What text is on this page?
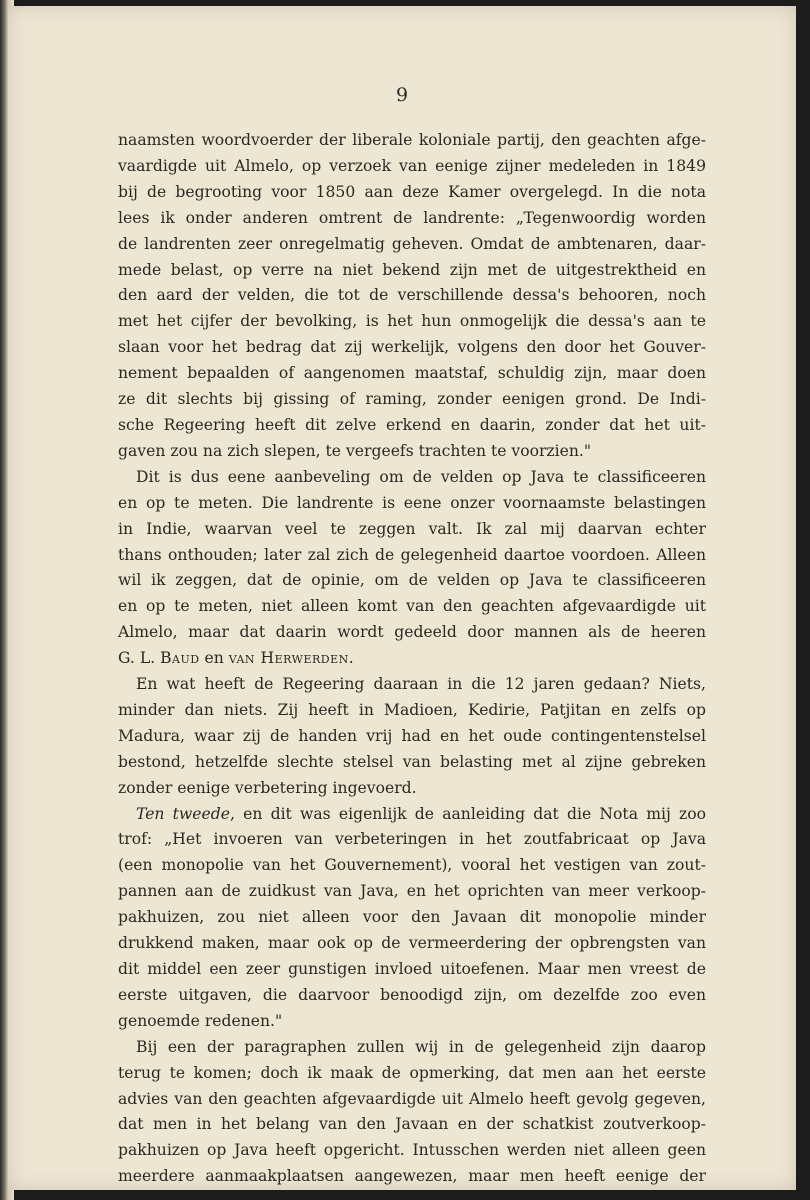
9
naamsten woordvoerder der liberale koloniale partij, den geachten afge-
vaardigde uit Almelo, op verzoek van eenige zijner medeleden in 1849
bij de begrooting voor 1850 aan deze Kamer overgelegd. In die nota
lees ik onder anderen omtrent de landrente: „Tegenwoordig worden
de landrenten zeer onregelmatig geheven. Omdat de ambtenaren, daar-
mede belast, op verre na niet bekend zijn met de uitgestrektheid en
den aard der velden, die tot de verschillende dessa's behooren, noch
met het cijfer der bevolking, is het hun onmogelijk die dessa's aan te
slaan voor het bedrag dat zij werkelijk, volgens den door het Gouver-
nement bepaalden of aangenomen maatstaf, schuldig zijn, maar doen
ze dit slechts bij gissing of raming, zonder eenigen grond. De Indi-
sche Regeering heeft dit zelve erkend en daarin, zonder dat het uit-
gaven zou na zich slepen, te vergeefs trachten te voorzien."
Dit is dus eene aanbeveling om de velden op Java te classificeeren
en op te meten. Die landrente is eene onzer voornaamste belastingen
in Indie, waarvan veel te zeggen valt. Ik zal mij daarvan echter
thans onthouden; later zal zich de gelegenheid daartoe voordoen. Alleen
wil ik zeggen, dat de opinie, om de velden op Java te classificeeren
en op te meten, niet alleen komt van den geachten afgevaardigde uit
Almelo, maar dat daarin wordt gedeeld door mannen als de heeren
G. L. Baud en van Herwerden.
En wat heeft de Regeering daaraan in die 12 jaren gedaan? Niets,
minder dan niets. Zij heeft in Madioen, Kedirie, Patjitan en zelfs op
Madura, waar zij de handen vrij had en het oude contingentenstelsel
bestond, hetzelfde slechte stelsel van belasting met al zijne gebreken
zonder eenige verbetering ingevoerd.
Ten tweede, en dit was eigenlijk de aanleiding dat die Nota mij zoo
trof: „Het invoeren van verbeteringen in het zoutfabricaat op Java
(een monopolie van het Gouvernement), vooral het vestigen van zout-
pannen aan de zuidkust van Java, en het oprichten van meer verkoop-
pakhuizen, zou niet alleen voor den Javaan dit monopolie minder
drukkend maken, maar ook op de vermeerdering der opbrengsten van
dit middel een zeer gunstigen invloed uitoefenen. Maar men vreest de
eerste uitgaven, die daarvoor benoodigd zijn, om dezelfde zoo even
genoemde redenen."
Bij een der paragraphen zullen wij in de gelegenheid zijn daarop
terug te komen; doch ik maak de opmerking, dat men aan het eerste
advies van den geachten afgevaardigde uit Almelo heeft gevolg gegeven,
dat men in het belang van den Javaan en der schatkist zoutverkoop-
pakhuizen op Java heeft opgericht. Intusschen werden niet alleen geen
meerdere aanmaakplaatsen aangewezen, maar men heeft eenige der
